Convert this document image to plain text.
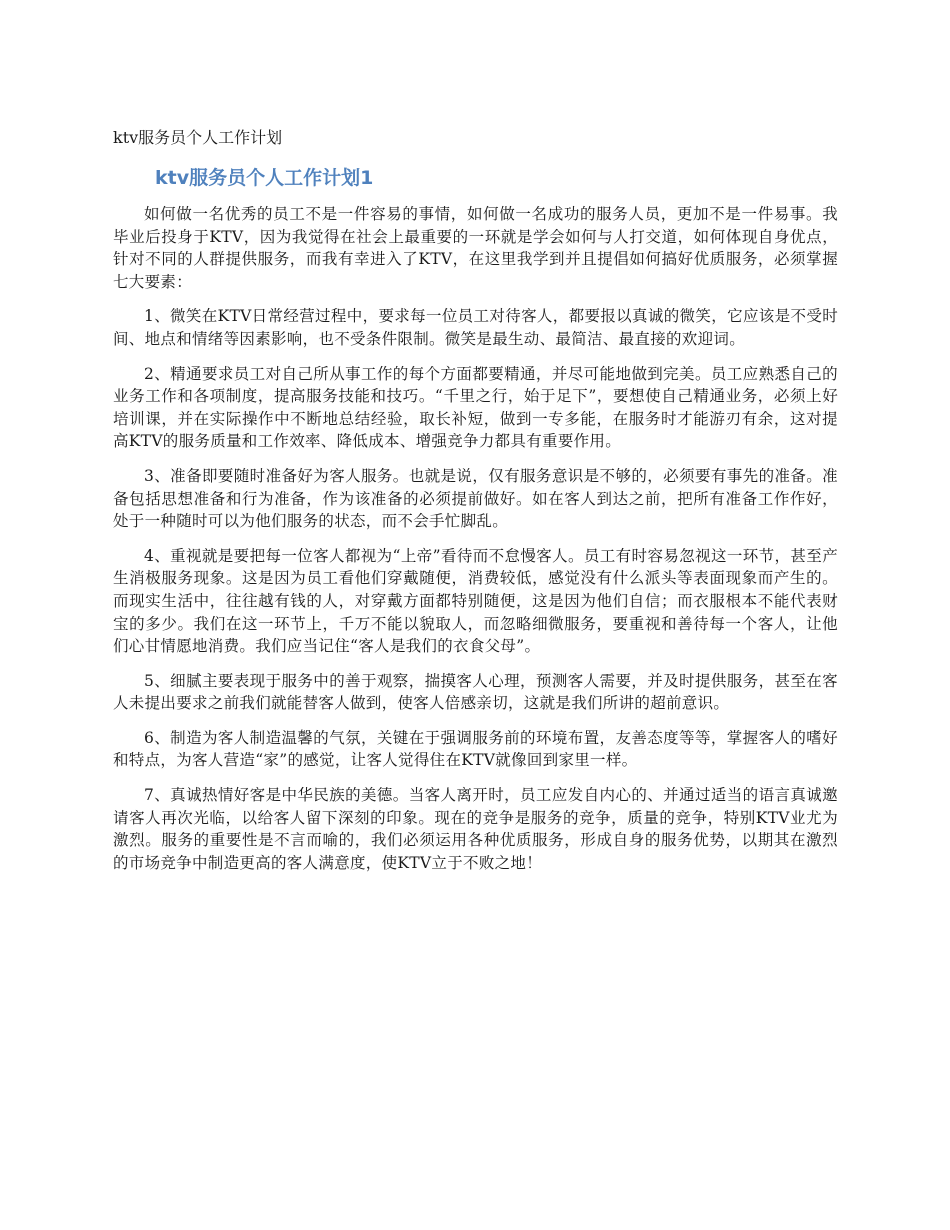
ktv服务员个人工作计划
ktv服务员个人工作计划1

如何做一名优秀的员工不是一件容易的事情，如何做一名成功的服务人员，更加不是一件易事。我毕业后投身于KTV，因为我觉得在社会上最重要的一环就是学会如何与人打交道，如何体现自身优点，针对不同的人群提供服务，而我有幸进入了KTV，在这里我学到并且提倡如何搞好优质服务，必须掌握七大要素：

1、微笑在KTV日常经营过程中，要求每一位员工对待客人，都要报以真诚的微笑，它应该是不受时间、地点和情绪等因素影响，也不受条件限制。微笑是最生动、最简洁、最直接的欢迎词。

2、精通要求员工对自己所从事工作的每个方面都要精通，并尽可能地做到完美。员工应熟悉自己的业务工作和各项制度，提高服务技能和技巧。“千里之行，始于足下”，要想使自己精通业务，必须上好培训课，并在实际操作中不断地总结经验，取长补短，做到一专多能，在服务时才能游刃有余，这对提高KTV的服务质量和工作效率、降低成本、增强竞争力都具有重要作用。

3、准备即要随时准备好为客人服务。也就是说，仅有服务意识是不够的，必须要有事先的准备。准备包括思想准备和行为准备，作为该准备的必须提前做好。如在客人到达之前，把所有准备工作作好，处于一种随时可以为他们服务的状态，而不会手忙脚乱。

4、重视就是要把每一位客人都视为“上帝”看待而不怠慢客人。员工有时容易忽视这一环节，甚至产生消极服务现象。这是因为员工看他们穿戴随便，消费较低，感觉没有什么派头等表面现象而产生的。而现实生活中，往往越有钱的人，对穿戴方面都特别随便，这是因为他们自信；而衣服根本不能代表财宝的多少。我们在这一环节上，千万不能以貌取人，而忽略细微服务，要重视和善待每一个客人，让他们心甘情愿地消费。我们应当记住“客人是我们的衣食父母”。

5、细腻主要表现于服务中的善于观察，揣摸客人心理，预测客人需要，并及时提供服务，甚至在客人未提出要求之前我们就能替客人做到，使客人倍感亲切，这就是我们所讲的超前意识。

6、制造为客人制造温馨的气氛，关键在于强调服务前的环境布置，友善态度等等，掌握客人的嗜好和特点，为客人营造“家”的感觉，让客人觉得住在KTV就像回到家里一样。

7、真诚热情好客是中华民族的美德。当客人离开时，员工应发自内心的、并通过适当的语言真诚邀请客人再次光临，以给客人留下深刻的印象。现在的竞争是服务的竞争，质量的竞争，特别KTV业尤为激烈。服务的重要性是不言而喻的，我们必须运用各种优质服务，形成自身的服务优势，以期其在激烈的市场竞争中制造更高的客人满意度，使KTV立于不败之地！
